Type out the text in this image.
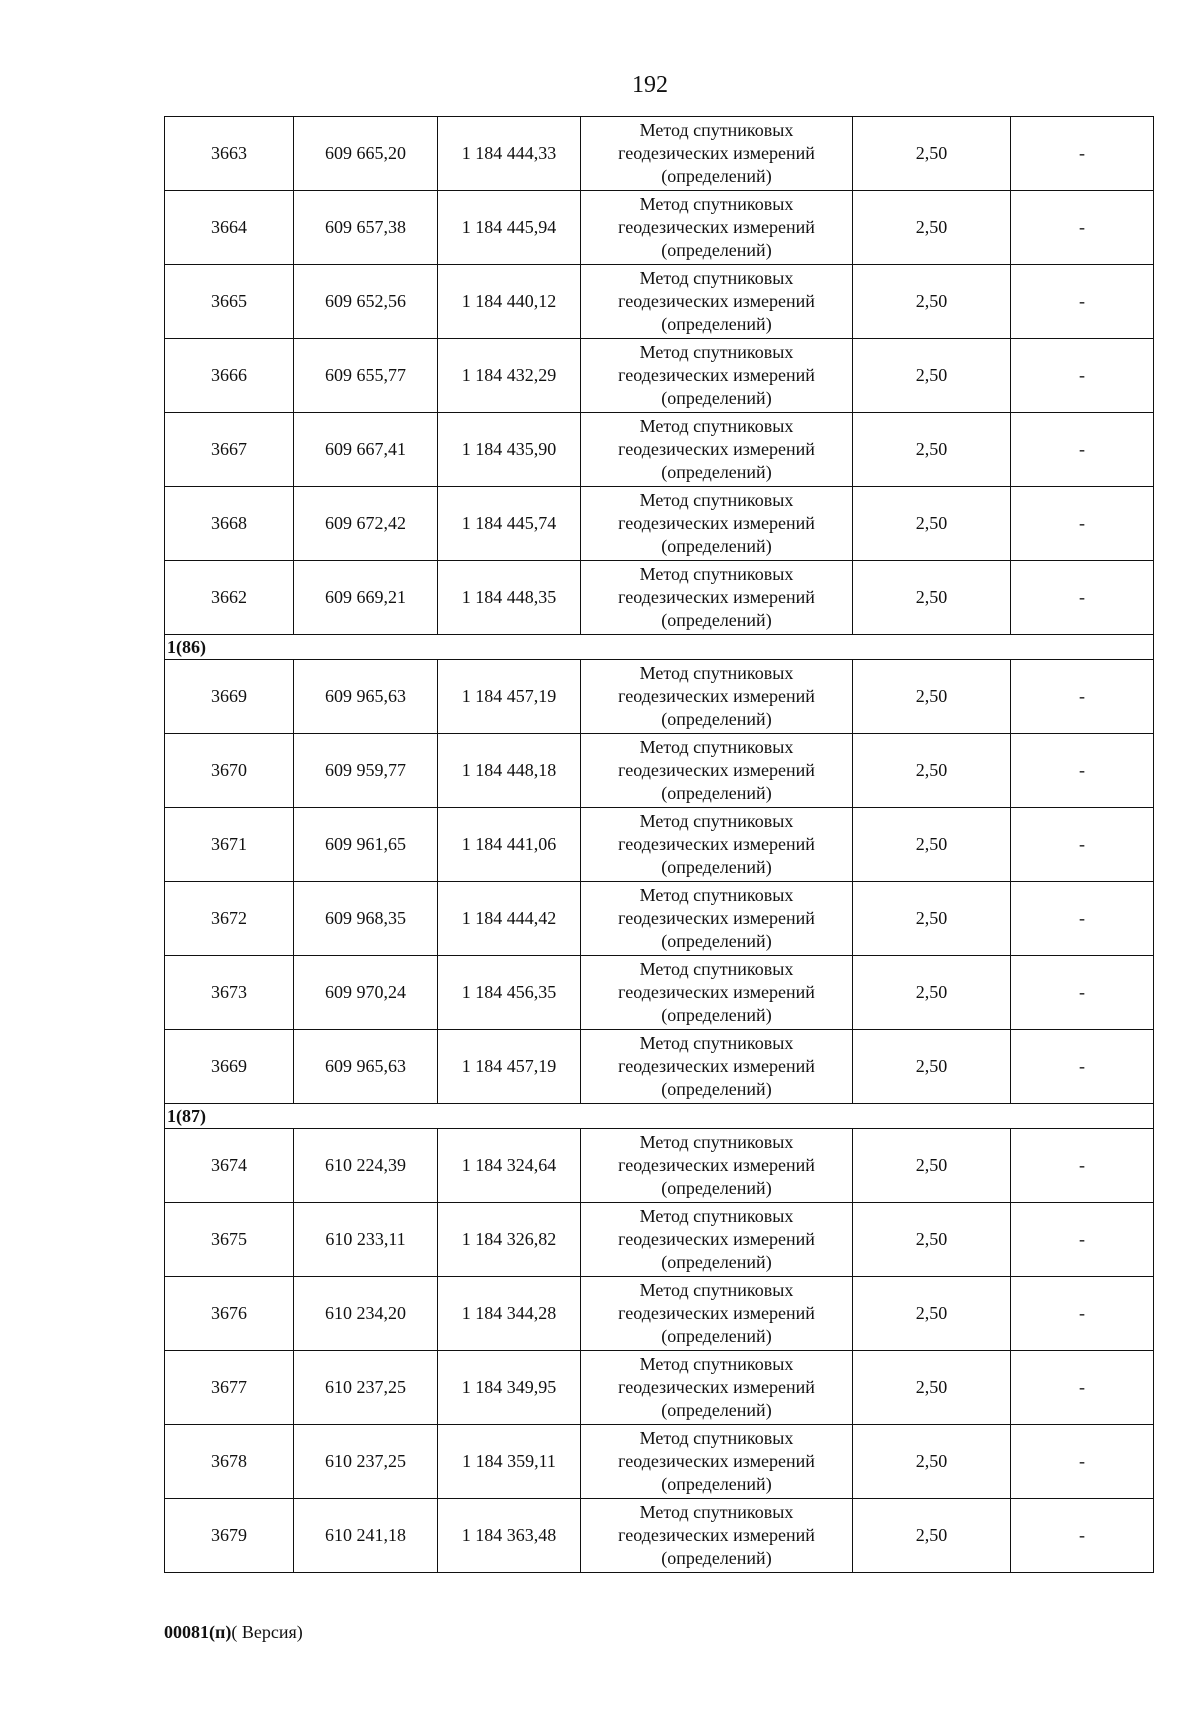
192
3663	609 665,20	1 184 444,33	Метод спутниковых
геодезических измерений
(определений)	2,50	-
3664	609 657,38	1 184 445,94	Метод спутниковых
геодезических измерений
(определений)	2,50	-
3665	609 652,56	1 184 440,12	Метод спутниковых
геодезических измерений
(определений)	2,50	-
3666	609 655,77	1 184 432,29	Метод спутниковых
геодезических измерений
(определений)	2,50	-
3667	609 667,41	1 184 435,90	Метод спутниковых
геодезических измерений
(определений)	2,50	-
3668	609 672,42	1 184 445,74	Метод спутниковых
геодезических измерений
(определений)	2,50	-
3662	609 669,21	1 184 448,35	Метод спутниковых
геодезических измерений
(определений)	2,50	-
1(86)					
3669	609 965,63	1 184 457,19	Метод спутниковых
геодезических измерений
(определений)	2,50	-
3670	609 959,77	1 184 448,18	Метод спутниковых
геодезических измерений
(определений)	2,50	-
3671	609 961,65	1 184 441,06	Метод спутниковых
геодезических измерений
(определений)	2,50	-
3672	609 968,35	1 184 444,42	Метод спутниковых
геодезических измерений
(определений)	2,50	-
3673	609 970,24	1 184 456,35	Метод спутниковых
геодезических измерений
(определений)	2,50	-
3669	609 965,63	1 184 457,19	Метод спутниковых
геодезических измерений
(определений)	2,50	-
1(87)					
3674	610 224,39	1 184 324,64	Метод спутниковых
геодезических измерений
(определений)	2,50	-
3675	610 233,11	1 184 326,82	Метод спутниковых
геодезических измерений
(определений)	2,50	-
3676	610 234,20	1 184 344,28	Метод спутниковых
геодезических измерений
(определений)	2,50	-
3677	610 237,25	1 184 349,95	Метод спутниковых
геодезических измерений
(определений)	2,50	-
3678	610 237,25	1 184 359,11	Метод спутниковых
геодезических измерений
(определений)	2,50	-
3679	610 241,18	1 184 363,48	Метод спутниковых
геодезических измерений
(определений)	2,50	-
00081(п)( Версия)
